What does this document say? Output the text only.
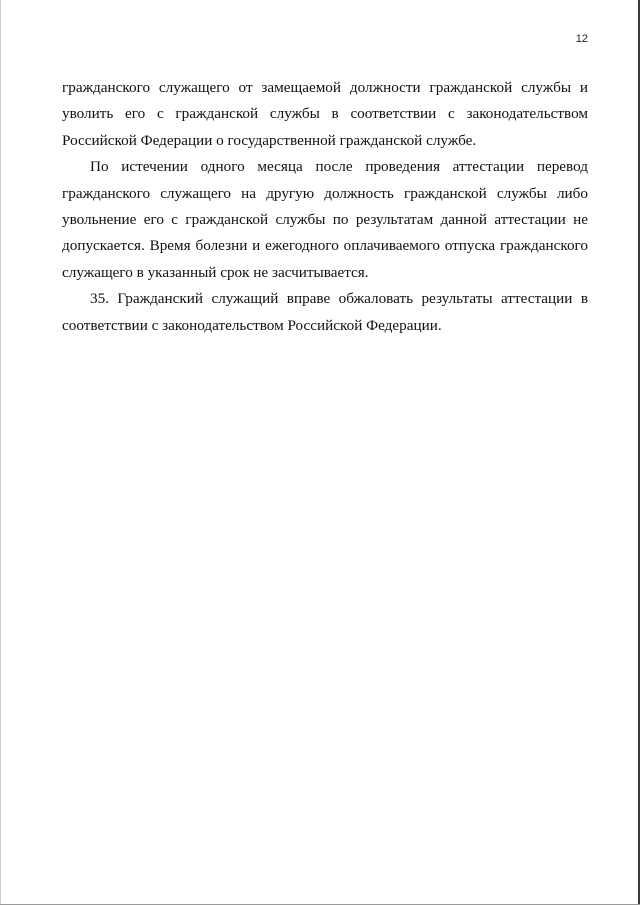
12

гражданского служащего от замещаемой должности гражданской службы и уволить его с гражданской службы в соответствии с законодательством Российской Федерации о государственной гражданской службе.

По истечении одного месяца после проведения аттестации перевод гражданского служащего на другую должность гражданской службы либо увольнение его с гражданской службы по результатам данной аттестации не допускается. Время болезни и ежегодного оплачиваемого отпуска гражданского служащего в указанный срок не засчитывается.

35. Гражданский служащий вправе обжаловать результаты аттестации в соответствии с законодательством Российской Федерации.
